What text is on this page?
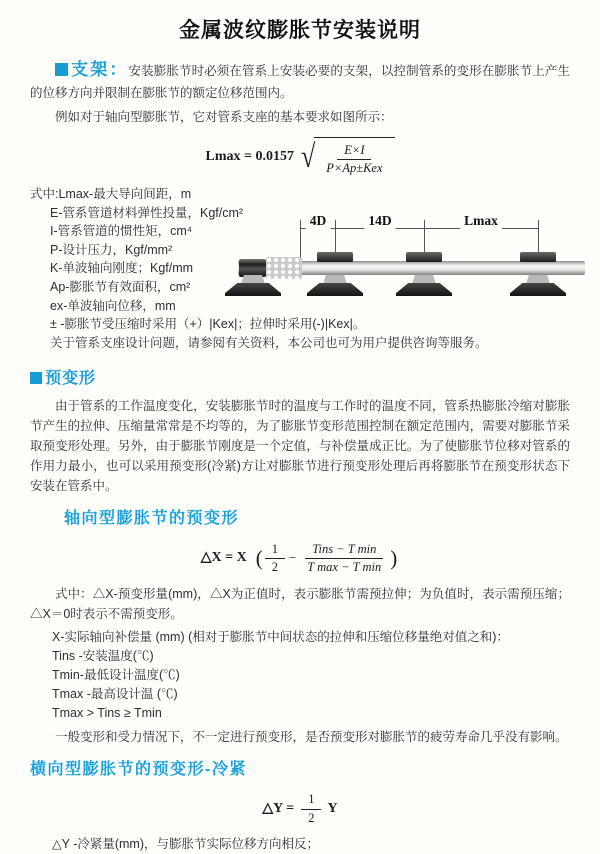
金属波纹膨胀节安装说明

支架：安装膨胀节时必须在管系上安装必要的支架，以控制管系的变形在膨胀节上产生的位移方向并限制在膨胀节的额定位移范围内。

例如对于轴向型膨胀节，它对管系支座的基本要求如图所示：

Lmax = 0.0157 √ $\frac{E\times I}{\text{P×Ap±Kex}}$
式中:Lmax-最大导向间距，m
E-管系管道材料弹性投量，Kgf/cm²
I-管系管道的惯性矩，cm⁴
P-设计压力，Kgf/mm²
K-单波轴向刚度；Kgf/mm
Ap-膨胀节有效面积，cm²
ex-单波轴向位移，mm
4D	14D	Lmax
± -膨胀节受压缩时采用（+）|Kex|；拉伸时采用(-)|Kex|。
关于管系支座设计问题，请参阅有关资料，本公司也可为用户提供咨询等服务。
预变形

由于管系的工作温度变化，安装膨胀节时的温度与工作时的温度不同，管系热膨胀冷缩对膨胀节产生的拉伸、压缩量常常是不均等的，为了膨胀节变形范围控制在额定范围内，需要对膨胀节采取预变形处理。另外，由于膨胀节刚度是一个定值，与补偿量成正比。为了使膨胀节位移对管系的作用力最小，也可以采用预变形(冷紧)方让对膨胀节进行预变形处理后再将膨胀节在预变形状态下安装在管系中。

轴向型膨胀节的预变形
△X = X ( $\frac{1}{2} - \frac{\text{Tins − T min}}{\text{T max − T min}}$ )

式中：△X-预变形量(mm)，△X为正值时，表示膨胀节需预拉伸；为负值时，表示需预压缩；△X＝0时表示不需预变形。

X-实际轴向补偿量 (mm) (相对于膨胀节中间状态的拉伸和压缩位移量绝对值之和)：
Tins -安装温度(℃)
Tmin-最低设计温度(℃)
Tmax -最高设计温 (℃)
Tmax > Tins ≥ Tmin

一般变形和受力情况下，不一定进行预变形，是否预变形对膨胀节的疲劳寿命几乎没有影响。

横向型膨胀节的预变形-冷紧
△Y = $\frac{1}{2}$ Y
△Y -冷紧量(mm)，与膨胀节实际位移方向相反；
